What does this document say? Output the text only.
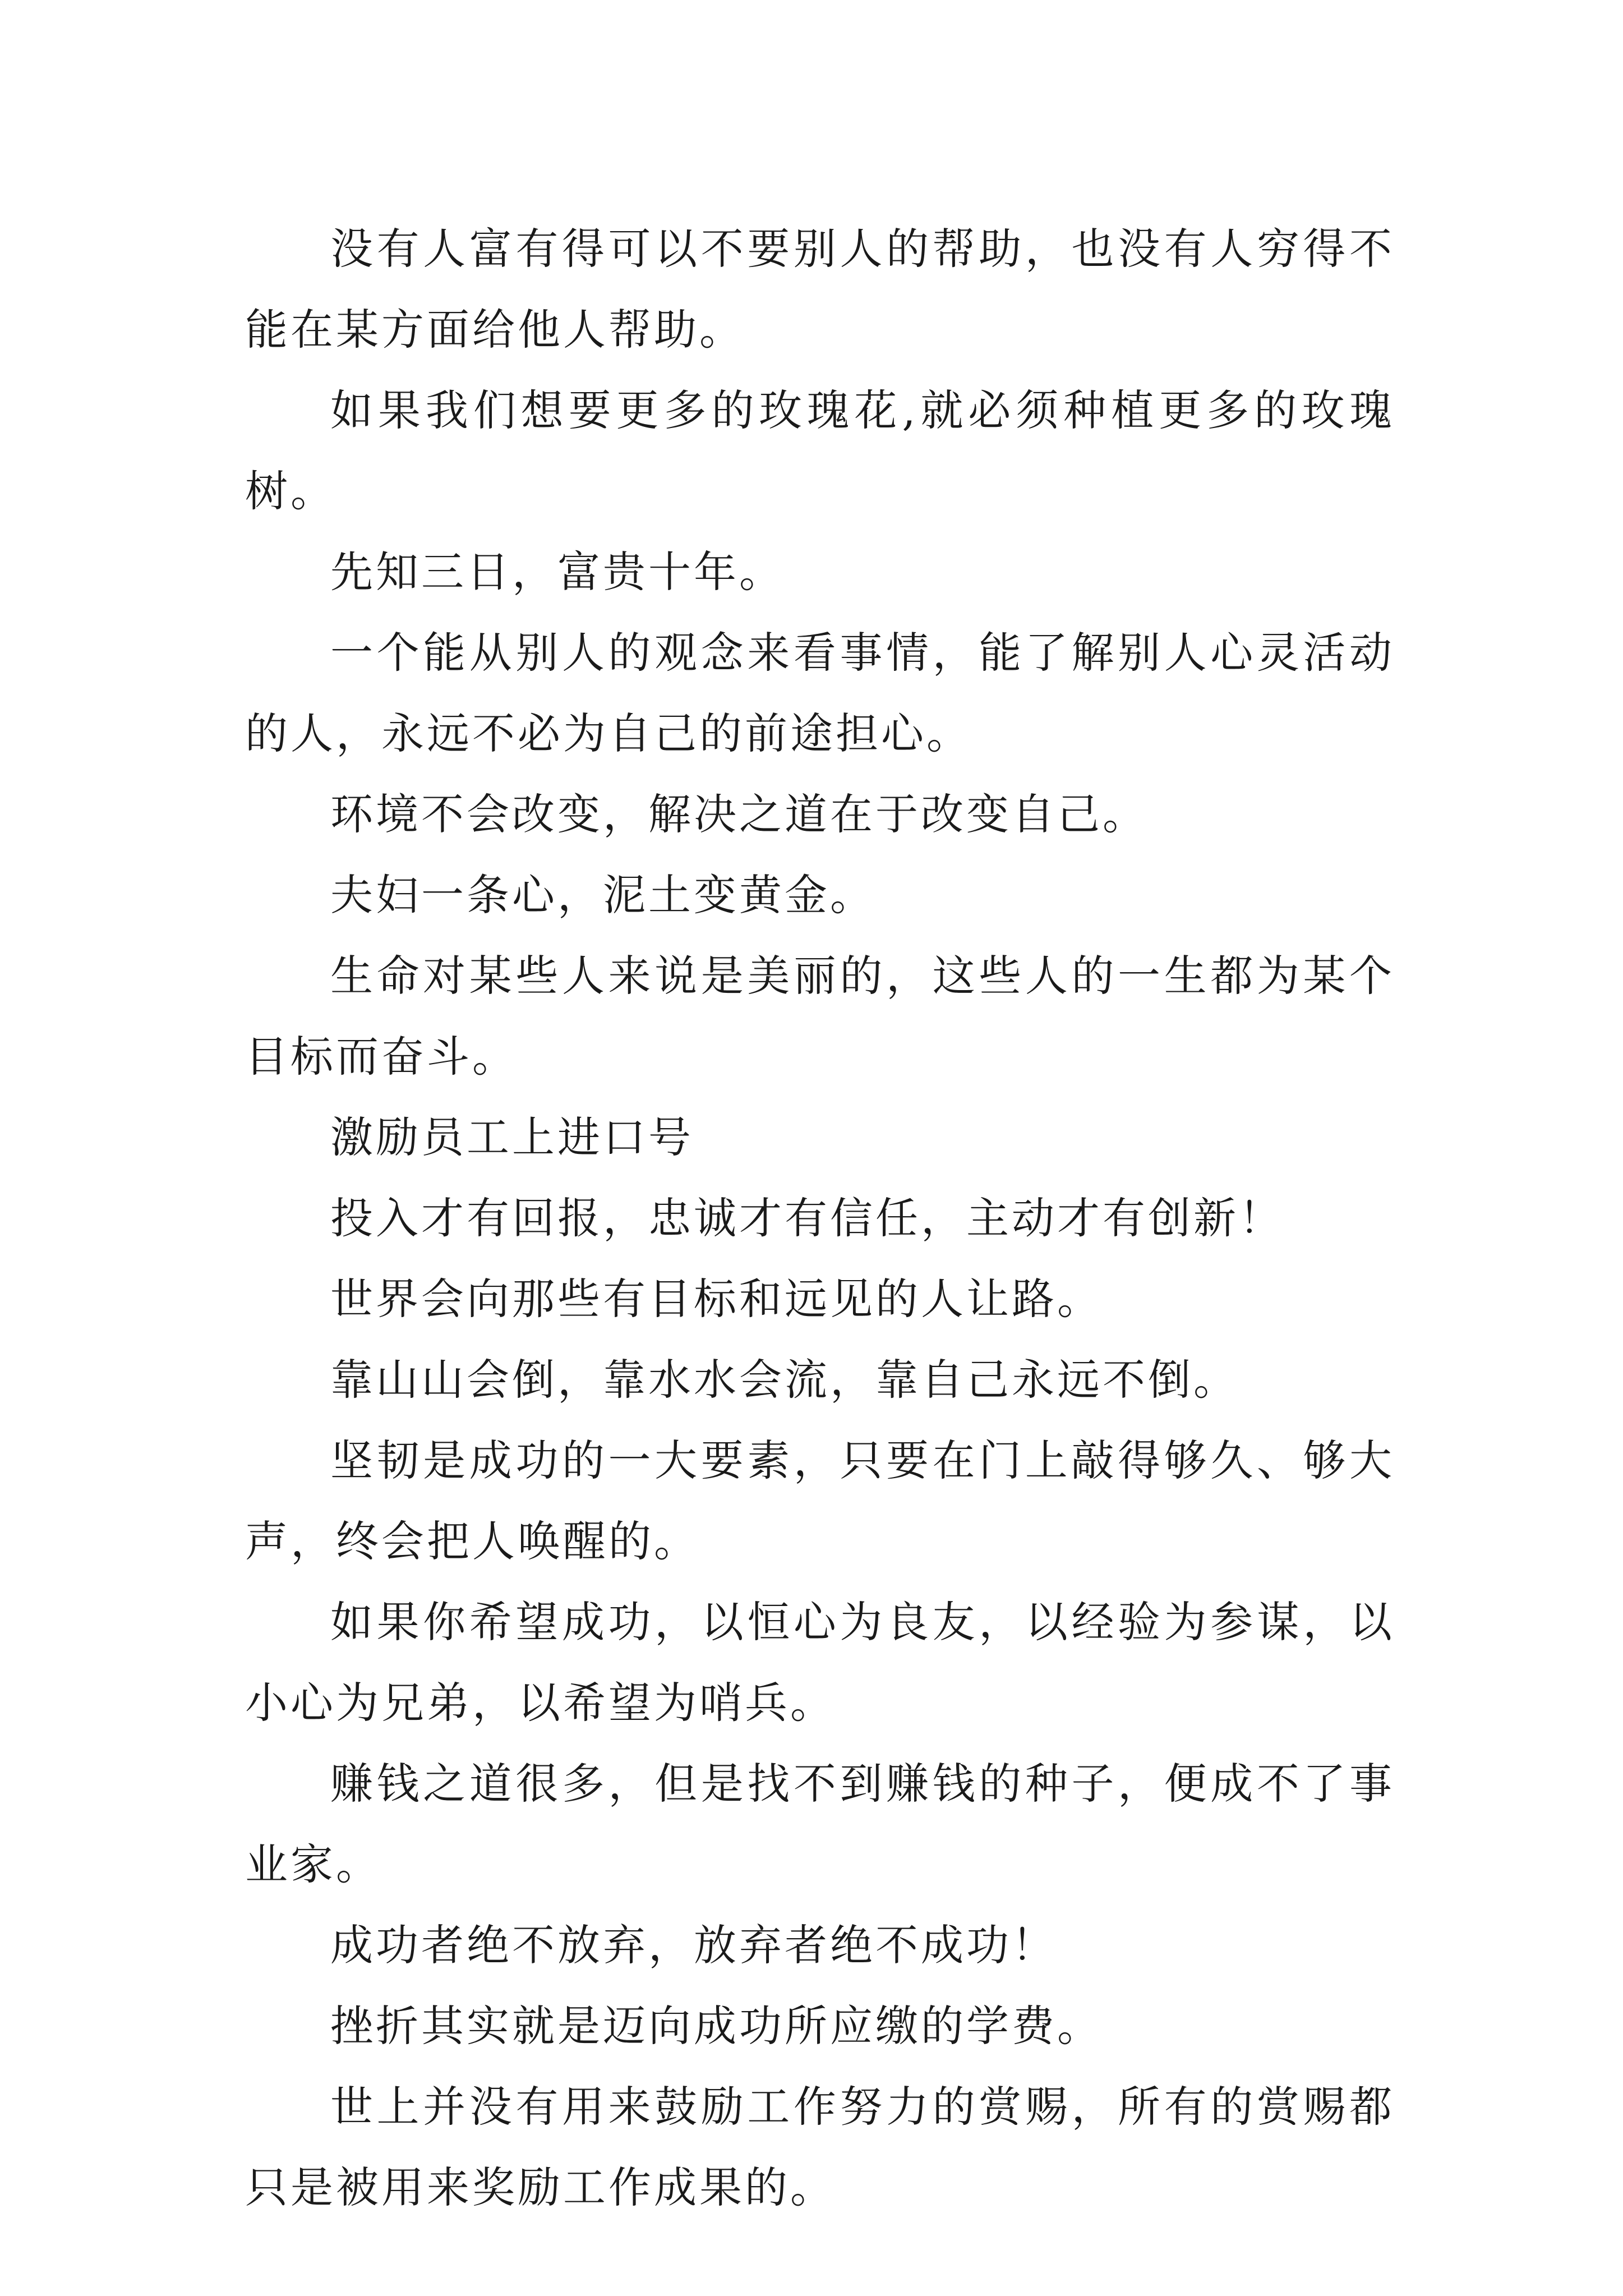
没有人富有得可以不要别人的帮助，也没有人穷得不能在某方面给他人帮助。

如果我们想要更多的玫瑰花,就必须种植更多的玫瑰树。

先知三日，富贵十年。

一个能从别人的观念来看事情，能了解别人心灵活动的人，永远不必为自己的前途担心。

环境不会改变，解决之道在于改变自己。

夫妇一条心，泥土变黄金。

生命对某些人来说是美丽的，这些人的一生都为某个目标而奋斗。

激励员工上进口号

投入才有回报，忠诚才有信任，主动才有创新！

世界会向那些有目标和远见的人让路。

靠山山会倒，靠水水会流，靠自己永远不倒。

坚韧是成功的一大要素，只要在门上敲得够久、够大声，终会把人唤醒的。

如果你希望成功，以恒心为良友，以经验为参谋，以小心为兄弟，以希望为哨兵。

赚钱之道很多，但是找不到赚钱的种子，便成不了事业家。

成功者绝不放弃，放弃者绝不成功！

挫折其实就是迈向成功所应缴的学费。

世上并没有用来鼓励工作努力的赏赐，所有的赏赐都只是被用来奖励工作成果的。
